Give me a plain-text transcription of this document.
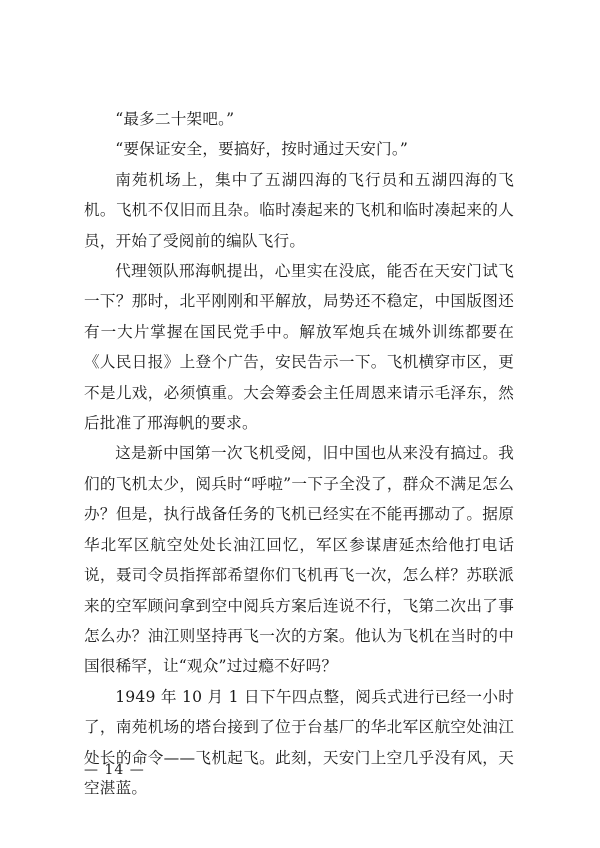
“最多二十架吧。”

“要保证安全，要搞好，按时通过天安门。”

南苑机场上，集中了五湖四海的飞行员和五湖四海的飞机。飞机不仅旧而且杂。临时凑起来的飞机和临时凑起来的人员，开始了受阅前的编队飞行。

代理领队邢海帆提出，心里实在没底，能否在天安门试飞一下？那时，北平刚刚和平解放，局势还不稳定，中国版图还有一大片掌握在国民党手中。解放军炮兵在城外训练都要在《人民日报》上登个广告，安民告示一下。飞机横穿市区，更不是儿戏，必须慎重。大会筹委会主任周恩来请示毛泽东，然后批准了邢海帆的要求。

这是新中国第一次飞机受阅，旧中国也从来没有搞过。我们的飞机太少，阅兵时“呼啦”一下子全没了，群众不满足怎么办？但是，执行战备任务的飞机已经实在不能再挪动了。据原华北军区航空处处长油江回忆，军区参谋唐延杰给他打电话说，聂司令员指挥部希望你们飞机再飞一次，怎么样？苏联派来的空军顾问拿到空中阅兵方案后连说不行，飞第二次出了事怎么办？油江则坚持再飞一次的方案。他认为飞机在当时的中国很稀罕，让“观众”过过瘾不好吗？

1949 年 10 月 1 日下午四点整，阅兵式进行已经一小时了，南苑机场的塔台接到了位于台基厂的华北军区航空处油江处长的命令——飞机起飞。此刻，天安门上空几乎没有风，天空湛蓝。

— 14 —
